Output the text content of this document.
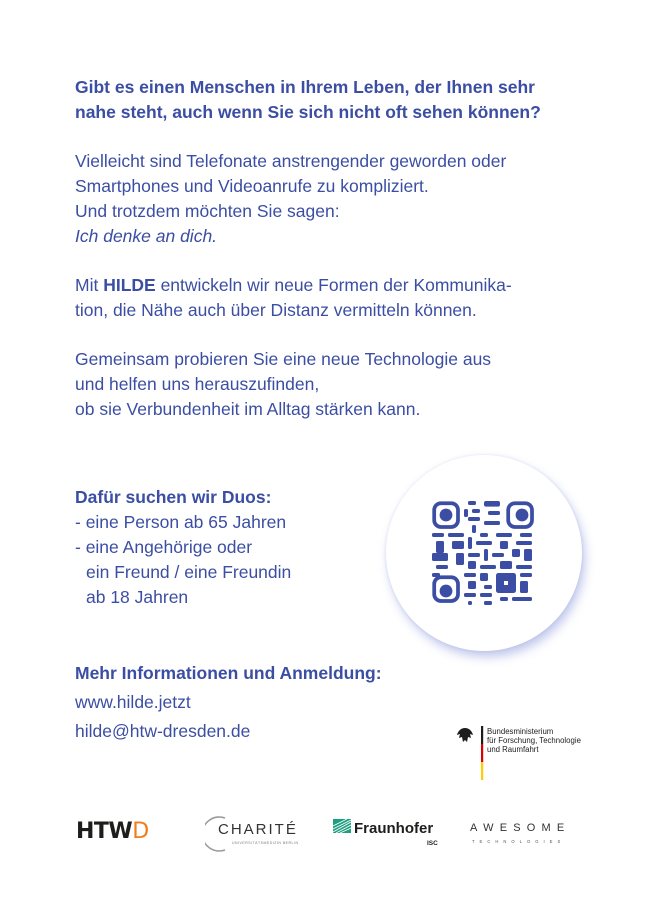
Gibt es einen Menschen in Ihrem Leben, der Ihnen sehr
nahe steht, auch wenn Sie sich nicht oft sehen können?
Vielleicht sind Telefonate anstrengender geworden oder
Smartphones und Videoanrufe zu kompliziert.
Und trotzdem möchten Sie sagen:
Ich denke an dich.
Mit HILDE entwickeln wir neue Formen der Kommunika-
tion, die Nähe auch über Distanz vermitteln können.
Gemeinsam probieren Sie eine neue Technologie aus
und helfen uns herauszufinden,
ob sie Verbundenheit im Alltag stärken kann.
Dafür suchen wir Duos:
- eine Person ab 65 Jahren
- eine Angehörige oder
ein Freund / eine Freundin
ab 18 Jahren
Mehr Informationen und Anmeldung:
www.hilde.jetzt
hilde@htw-dresden.de	Bundesministerium
für Forschung, Technologie
und Raumfahrt
HTWD	CHARITÉ
UNIVERSITÄTSMEDIZIN BERLIN
Fraunhofer
ISC
AWESOME
TECHNOLOGIES
